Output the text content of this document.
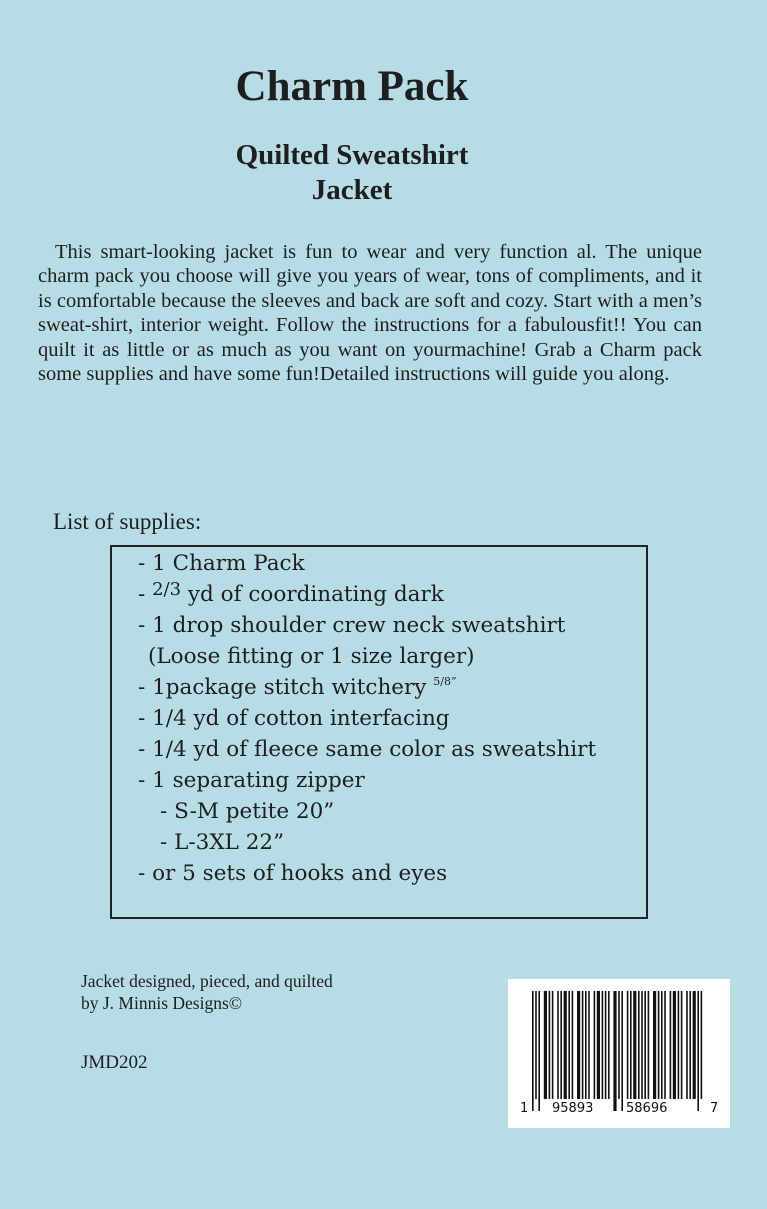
Charm Pack
Quilted Sweatshirt
Jacket

This smart-looking jacket is fun to wear and very function al. The unique charm pack you choose will give you years of wear, tons of compliments, and it is comfortable because the sleeves and back are soft and cozy. Start with a men’s sweat-shirt, interior weight. Follow the instructions for a fabulousfit!! You can quilt it as little or as much as you want on yourmachine! Grab a Charm pack some supplies and have some fun!Detailed instructions will guide you along.

List of supplies:
- 1 Charm Pack
- $^{2/3}$ yd of coordinating dark
- 1 drop shoulder crew neck sweatshirt
(Loose fitting or 1 size larger)
- 1package stitch witchery $^{5/8”}$
- 1/4 yd of cotton interfacing
- 1/4 yd of fleece same color as sweatshirt
- 1 separating zipper
- S-M petite 20”
- L-3XL 22”
- or 5 sets of hooks and eyes
Jacket designed, pieced, and quilted
by J. Minnis Designs©
JMD202
1 95893	58696	7
